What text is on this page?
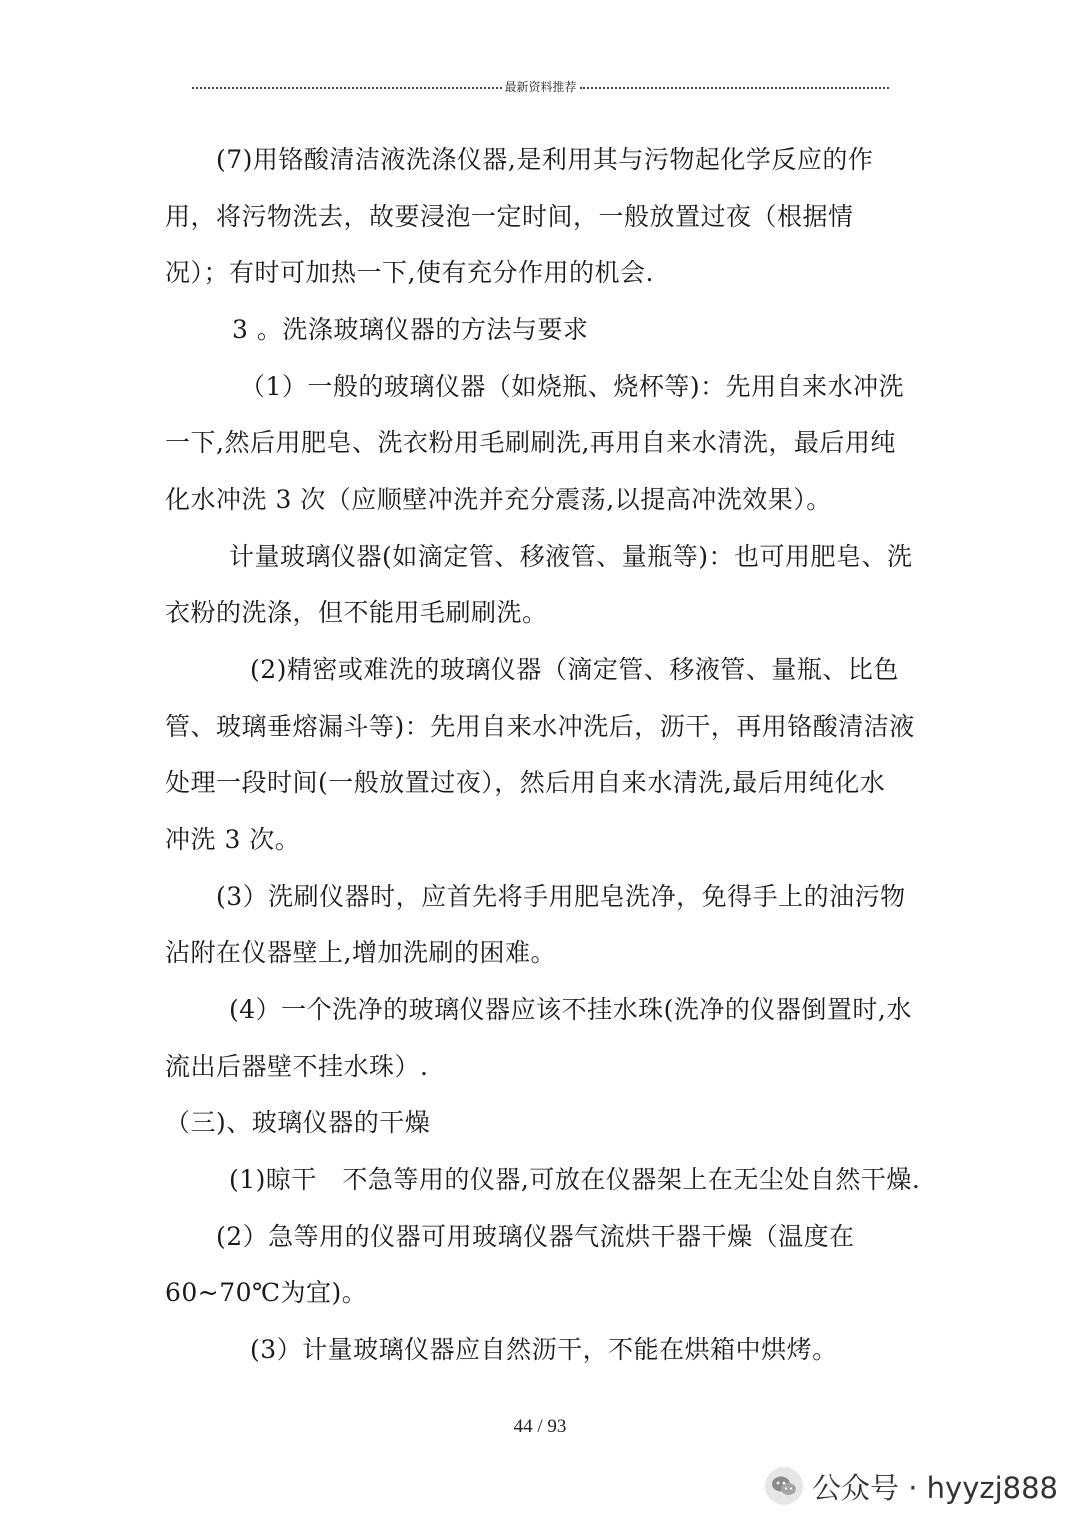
最新资料推荐
(7)用铬酸清洁液洗涤仪器,是利用其与污物起化学反应的作
用，将污物洗去，故要浸泡一定时间，一般放置过夜（根据情
况）；有时可加热一下,使有充分作用的机会.
3 。洗涤玻璃仪器的方法与要求
（1）一般的玻璃仪器（如烧瓶、烧杯等)：先用自来水冲洗
一下,然后用肥皂、洗衣粉用毛刷刷洗,再用自来水清洗，最后用纯
化水冲洗 3 次（应顺壁冲洗并充分震荡,以提高冲洗效果）。
计量玻璃仪器(如滴定管、移液管、量瓶等)：也可用肥皂、洗
衣粉的洗涤，但不能用毛刷刷洗。
(2)精密或难洗的玻璃仪器（滴定管、移液管、量瓶、比色
管、玻璃垂熔漏斗等)：先用自来水冲洗后，沥干，再用铬酸清洁液
处理一段时间(一般放置过夜），然后用自来水清洗,最后用纯化水
冲洗 3 次。
(3）洗刷仪器时，应首先将手用肥皂洗净，免得手上的油污物
沾附在仪器壁上,增加洗刷的困难。
(4）一个洗净的玻璃仪器应该不挂水珠(洗净的仪器倒置时,水
流出后器壁不挂水珠）.
（三)、玻璃仪器的干燥
(1)晾干　不急等用的仪器,可放在仪器架上在无尘处自然干燥.
(2）急等用的仪器可用玻璃仪器气流烘干器干燥（温度在
60~70℃为宜)。
(3）计量玻璃仪器应自然沥干，不能在烘箱中烘烤。
44 / 93
公众号 · hyyzj888
